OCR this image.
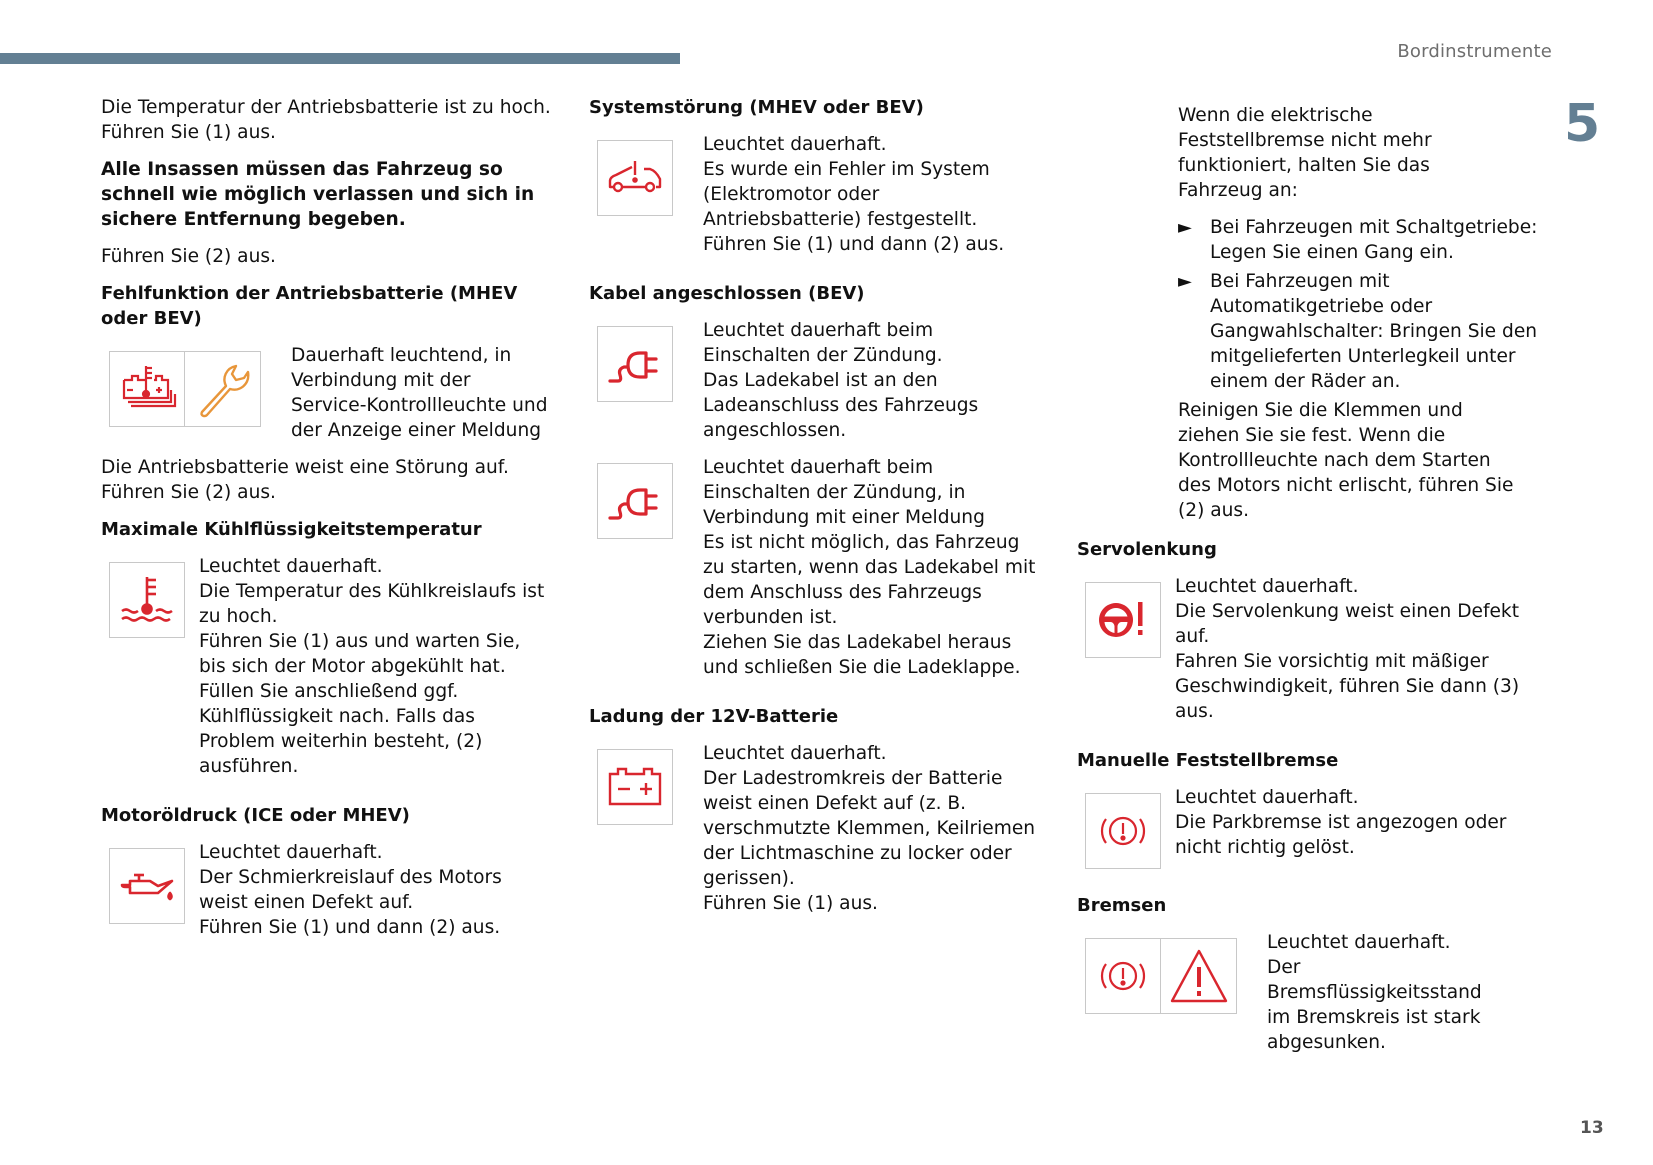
Bordinstrumente
5

Die Temperatur der Antriebsbatterie ist zu hoch.

Führen Sie (1) aus.

Alle Insassen müssen das Fahrzeug so schnell wie möglich verlassen und sich in sichere Entfernung begeben.

Führen Sie (2) aus.

Fehlfunktion der Antriebsbatterie (MHEV oder BEV)

Dauerhaft leuchtend, in Verbindung mit der Service-Kontrollleuchte und der Anzeige einer Meldung

Die Antriebsbatterie weist eine Störung auf.

Führen Sie (2) aus.

Maximale Kühlflüssigkeitstemperatur

Leuchtet dauerhaft.

Die Temperatur des Kühlkreislaufs ist zu hoch.

Führen Sie (1) aus und warten Sie, bis sich der Motor abgekühlt hat. Füllen Sie anschließend ggf. Kühlflüssigkeit nach. Falls das Problem weiterhin besteht, (2) ausführen.

Motoröldruck (ICE oder MHEV)

Leuchtet dauerhaft.

Der Schmierkreislauf des Motors weist einen Defekt auf.

Führen Sie (1) und dann (2) aus.

Systemstörung (MHEV oder BEV)

Leuchtet dauerhaft.

Es wurde ein Fehler im System (Elektromotor oder Antriebsbatterie) festgestellt.

Führen Sie (1) und dann (2) aus.

Kabel angeschlossen (BEV)

Leuchtet dauerhaft beim Einschalten der Zündung.

Das Ladekabel ist an den Ladeanschluss des Fahrzeugs angeschlossen.

Leuchtet dauerhaft beim Einschalten der Zündung, in Verbindung mit einer Meldung

Es ist nicht möglich, das Fahrzeug zu starten, wenn das Ladekabel mit dem Anschluss des Fahrzeugs verbunden ist.

Ziehen Sie das Ladekabel heraus und schließen Sie die Ladeklappe.

Ladung der 12V-Batterie

Leuchtet dauerhaft.

Der Ladestromkreis der Batterie weist einen Defekt auf (z. B. verschmutzte Klemmen, Keilriemen der Lichtmaschine zu locker oder gerissen).

Führen Sie (1) aus.

Wenn die elektrische Feststellbremse nicht mehr funktioniert, halten Sie das Fahrzeug an:

► Bei Fahrzeugen mit Schaltgetriebe: Legen Sie einen Gang ein.
► Bei Fahrzeugen mit Automatikgetriebe oder Gangwahlschalter: Bringen Sie den mitgelieferten Unterlegkeil unter einem der Räder an.

Reinigen Sie die Klemmen und ziehen Sie sie fest. Wenn die Kontrollleuchte nach dem Starten des Motors nicht erlischt, führen Sie (2) aus.

Servolenkung

Leuchtet dauerhaft.

Die Servolenkung weist einen Defekt auf.

Fahren Sie vorsichtig mit mäßiger Geschwindigkeit, führen Sie dann (3) aus.

Manuelle Feststellbremse

Leuchtet dauerhaft.

Die Parkbremse ist angezogen oder nicht richtig gelöst.

Bremsen

Leuchtet dauerhaft.

Der Bremsflüssigkeitsstand im Bremskreis ist stark abgesunken.

13
